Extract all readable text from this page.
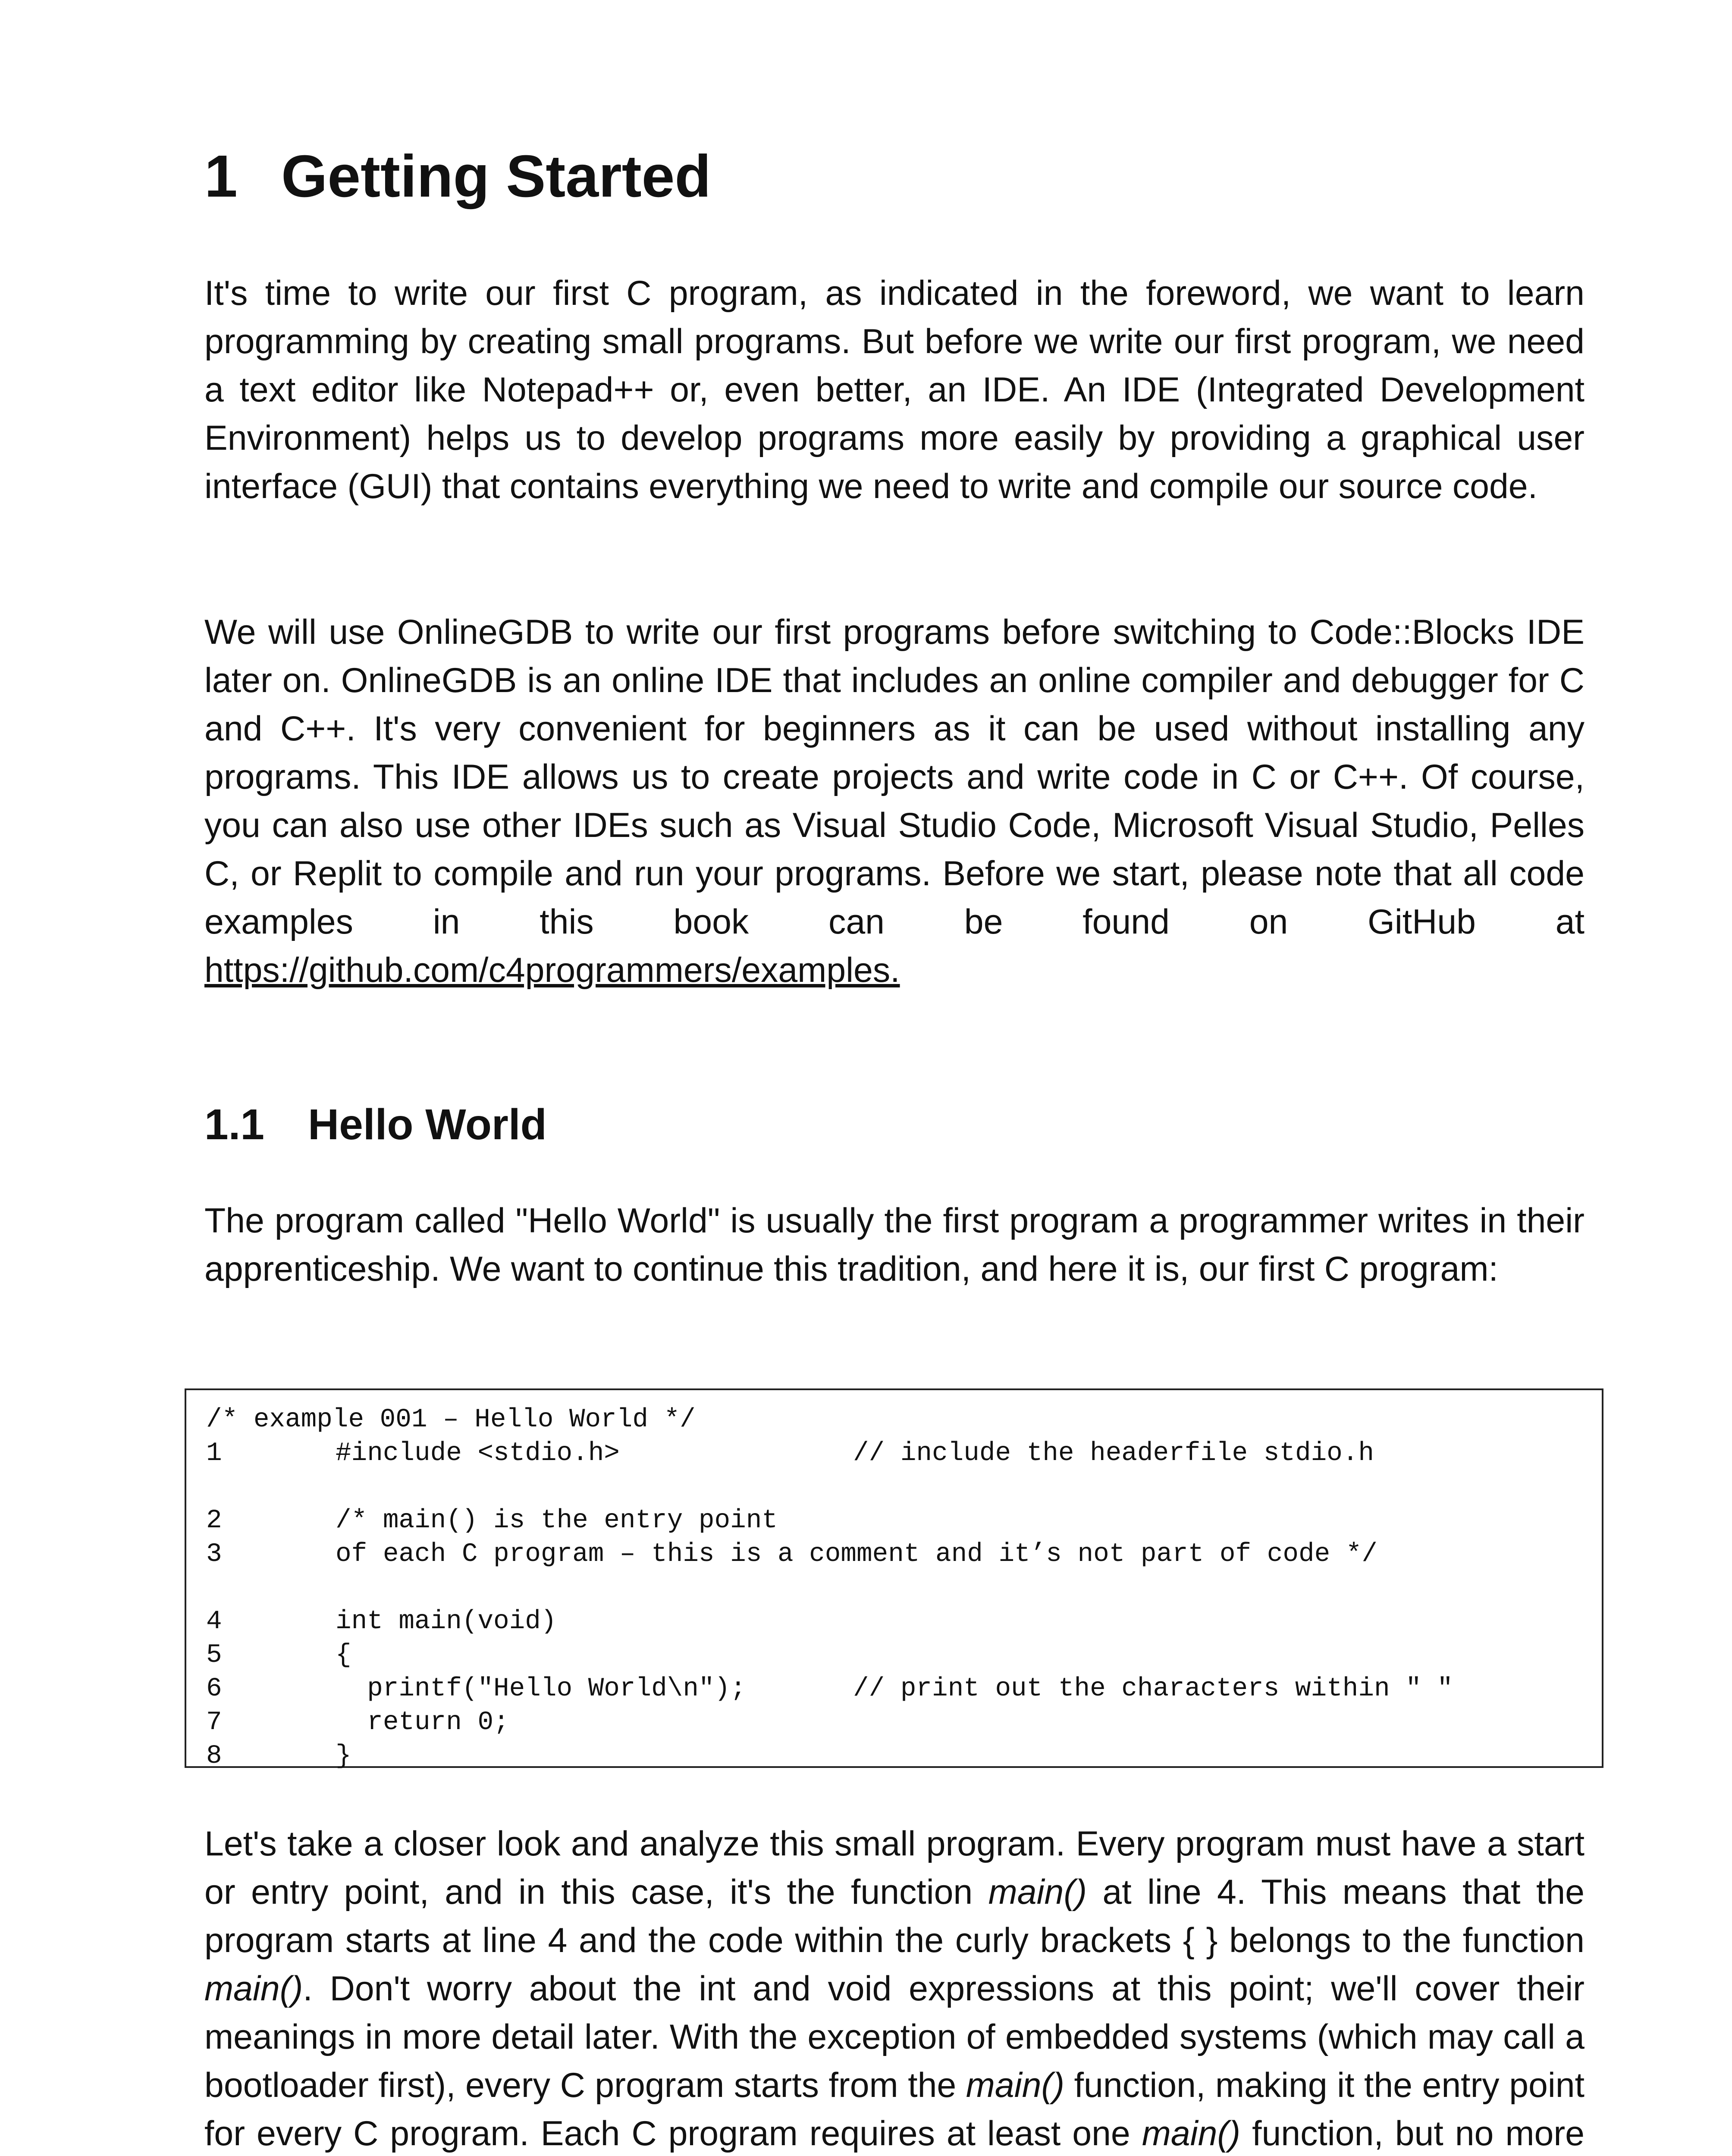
1 Getting Started

It's time to write our first C program, as indicated in the foreword, we want to learn programming by creating small programs. But before we write our first program, we need a text editor like Notepad++ or, even better, an IDE. An IDE (Integrated Development Environment) helps us to develop programs more easily by providing a graphical user interface (GUI) that contains everything we need to write and compile our source code.

We will use OnlineGDB to write our first programs before switching to Code::Blocks IDE later on. OnlineGDB is an online IDE that includes an online compiler and debugger for C and C++. It's very convenient for beginners as it can be used without installing any programs. This IDE allows us to create projects and write code in C or C++. Of course, you can also use other IDEs such as Visual Studio Code, Microsoft Visual Studio, Pelles C, or Replit to compile and run your programs. Before we start, please note that all code examples in this book can be found on GitHub at https://github.com/c4programmers/examples.

1.1 Hello World

The program called "Hello World" is usually the first program a programmer writes in their apprenticeship. We want to continue this tradition, and here it is, our first C program:

/* example 001 – Hello World */
1	#include <stdio.h>	// include the headerfile stdio.h
2	/* main() is the entry point
3	of each C program – this is a comment and it’s not part of code */
4	int main(void)
5	{
6	printf("Hello World\n");	// print out the characters within " "
7	return 0;
8	}

Let's take a closer look and analyze this small program. Every program must have a start or entry point, and in this case, it's the function main() at line 4. This means that the program starts at line 4 and the code within the curly brackets { } belongs to the function main(). Don't worry about the int and void expressions at this point; we'll cover their meanings in more detail later. With the exception of embedded systems (which may call a bootloader first), every C program starts from the main() function, making it the entry point for every C program. Each C program requires at least one main() function, but no more
